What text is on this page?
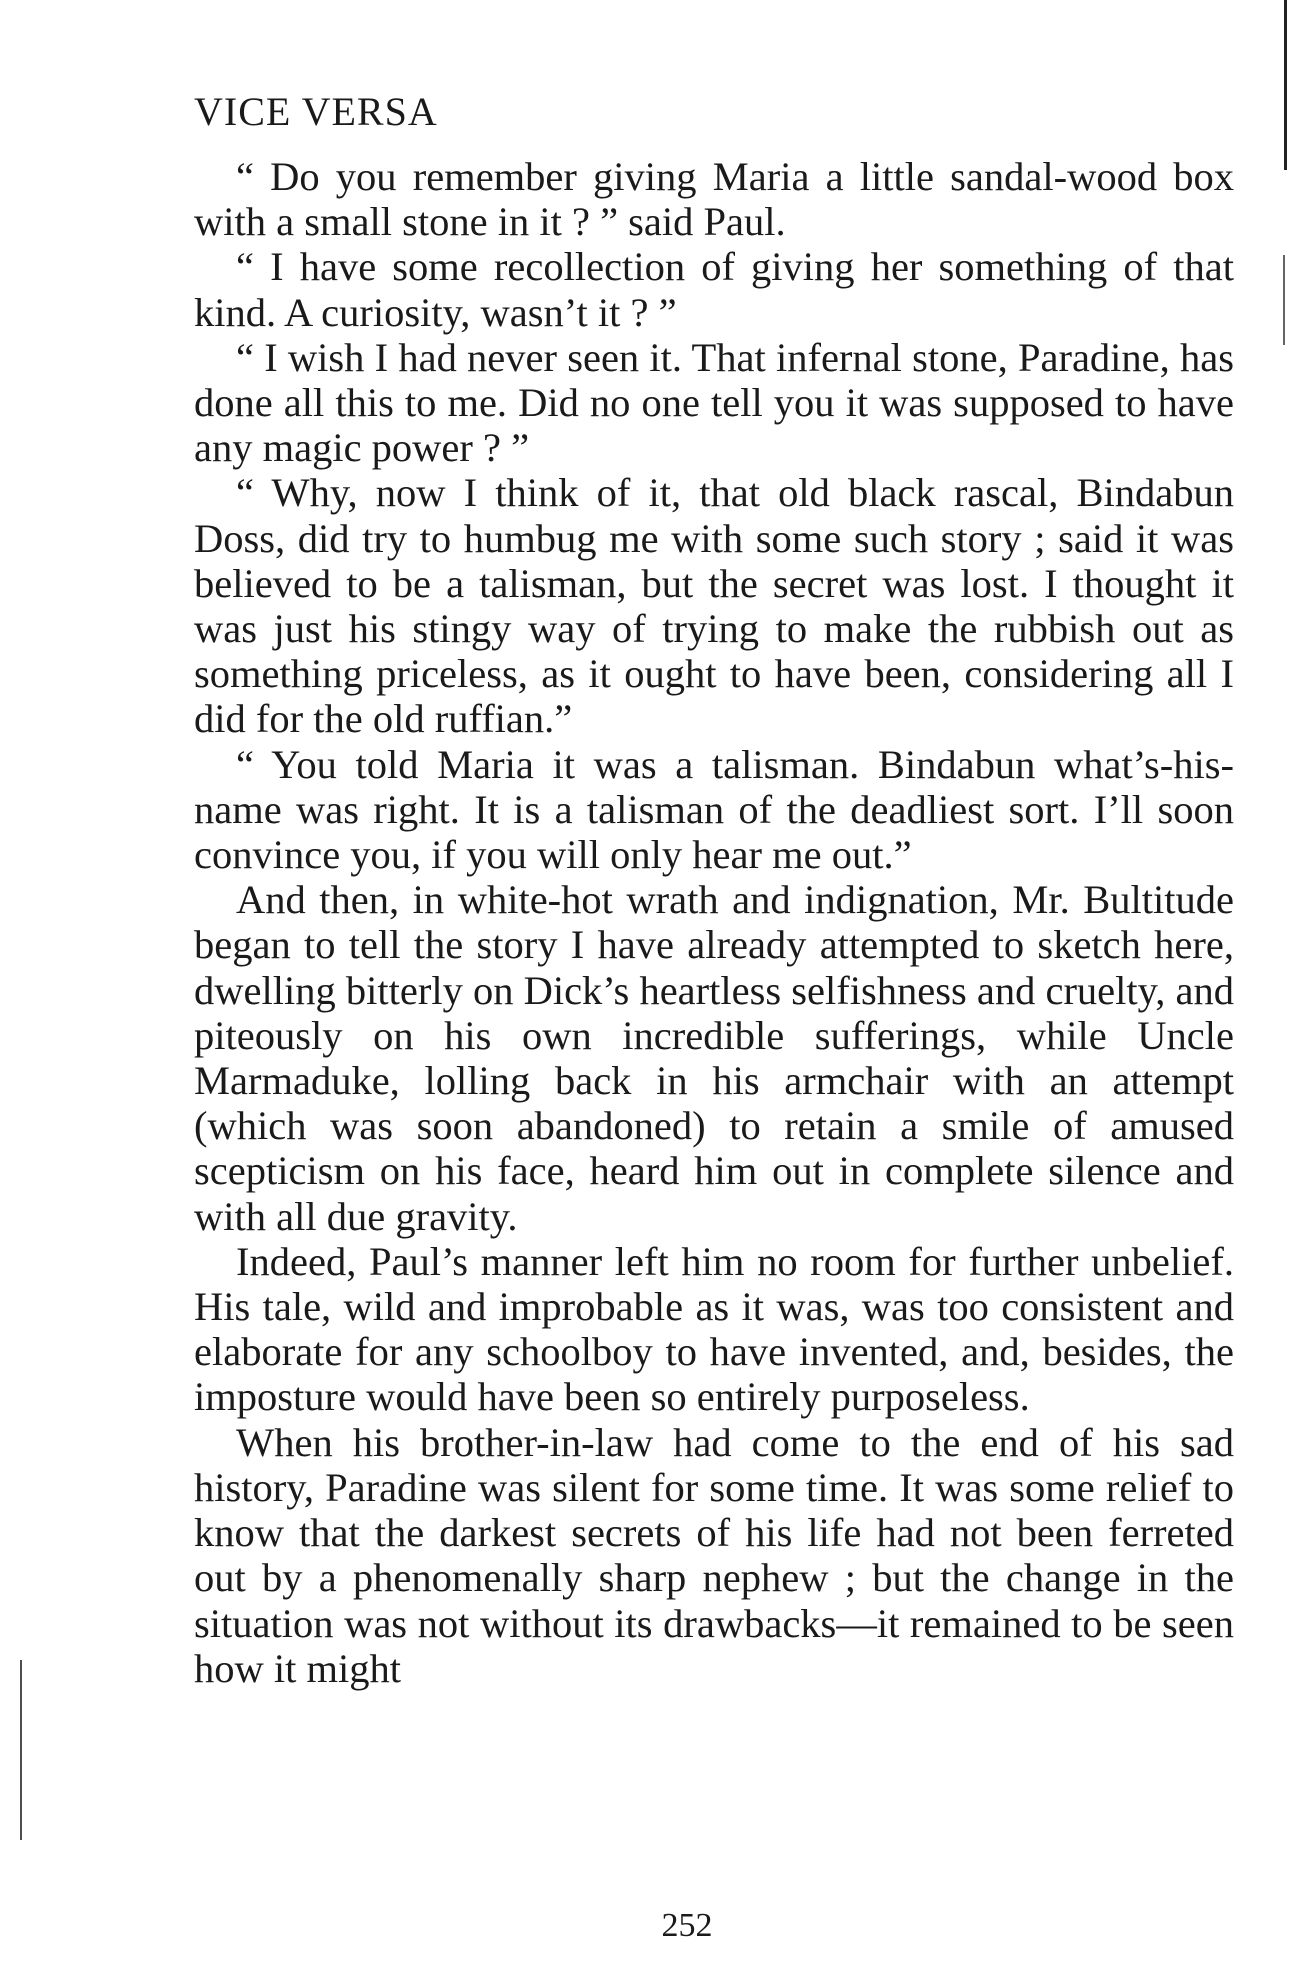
VICE VERSA

“ Do you remember giving Maria a little sandal-wood box with a small stone in it ? ” said Paul.

“ I have some recollection of giving her something of that kind. A curiosity, wasn’t it ? ”

“ I wish I had never seen it. That infernal stone, Paradine, has done all this to me. Did no one tell you it was supposed to have any magic power ? ”

“ Why, now I think of it, that old black rascal, Bindabun Doss, did try to humbug me with some such story ; said it was believed to be a talisman, but the secret was lost. I thought it was just his stingy way of trying to make the rubbish out as something priceless, as it ought to have been, considering all I did for the old ruffian.”

“ You told Maria it was a talisman. Bindabun what’s-his-name was right. It is a talisman of the deadliest sort. I’ll soon convince you, if you will only hear me out.”

And then, in white-hot wrath and indignation, Mr. Bultitude began to tell the story I have already attempted to sketch here, dwelling bitterly on Dick’s heartless selfishness and cruelty, and piteously on his own incredible sufferings, while Uncle Marmaduke, lolling back in his armchair with an attempt (which was soon abandoned) to retain a smile of amused scepticism on his face, heard him out in complete silence and with all due gravity.

Indeed, Paul’s manner left him no room for further unbelief. His tale, wild and improbable as it was, was too consistent and elaborate for any schoolboy to have invented, and, besides, the imposture would have been so entirely purposeless.

When his brother-in-law had come to the end of his sad history, Paradine was silent for some time. It was some relief to know that the darkest secrets of his life had not been ferreted out by a phenomenally sharp nephew ; but the change in the situation was not without its drawbacks—it remained to be seen how it might

252
